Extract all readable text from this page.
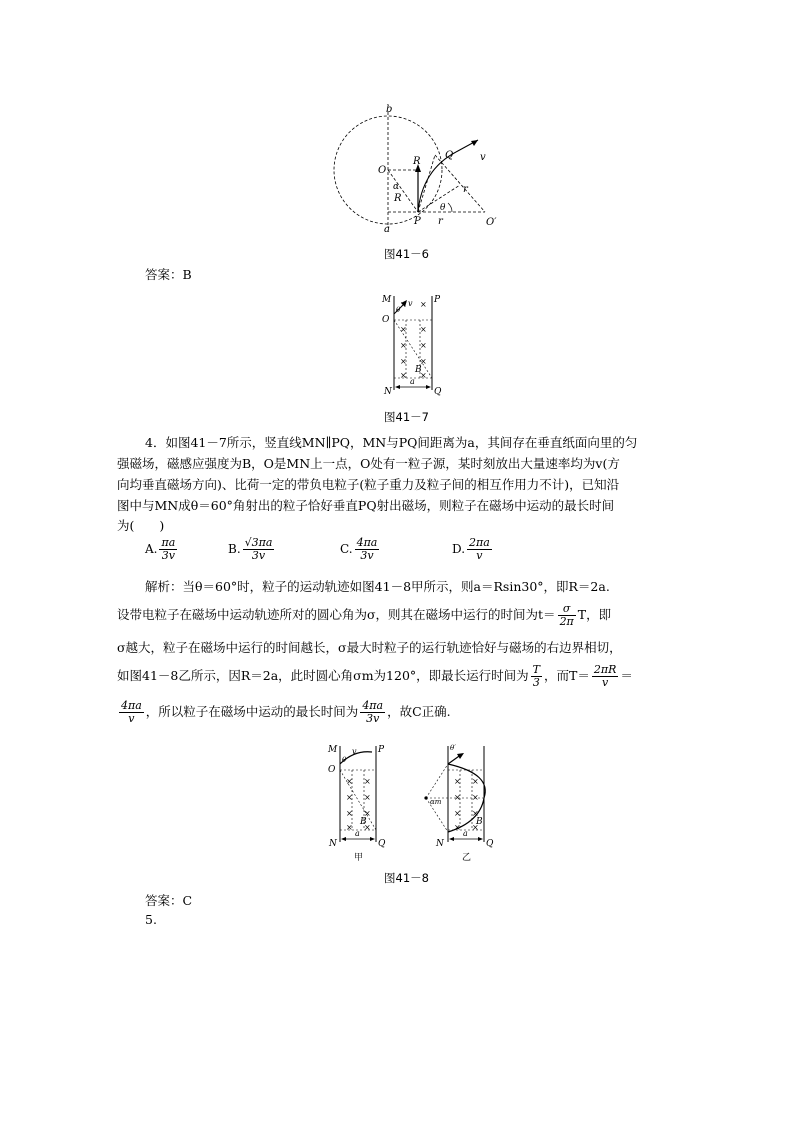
b
O
R
Q	v
α
R
P
θ
r
r
a
O′
图41－6
答案：B
× ×
× ×
× ×
× ×
× ×
M	P
O
θ
v
B
N
a
Q
图41－7
4．如图41－7所示，竖直线MN∥PQ，MN与PQ间距离为a，其间存在垂直纸面向里的匀
强磁场，磁感应强度为B，O是MN上一点，O处有一粒子源，某时刻放出大量速率均为v(方
向均垂直磁场方向)、比荷一定的带负电粒子(粒子重力及粒子间的相互作用力不计)，已知沿
图中与MN成θ＝60°角射出的粒子恰好垂直PQ射出磁场，则粒子在磁场中运动的最长时间
为(　　)
A. $\frac{\pi a}{3v}$	B. $\frac{√3\pi a}{3v}$	C. $\frac{4\pi a}{3v}$	D. $\frac{2\pi a}{v}$
解析：当θ＝60°时，粒子的运动轨迹如图41－8甲所示，则a＝Rsin30°，即R＝2a.
设带电粒子在磁场中运动轨迹所对的圆心角为σ，则其在磁场中运行的时间为$t= \frac{\sigma}{2\pi}$ T，即
σ越大，粒子在磁场中运行的时间越长，σ最大时粒子的运行轨迹恰好与磁场的右边界相切，
如图41－8乙所示，因R＝2a，此时圆心角σm为120°，即最长运行时间为 $\frac{T}{3}$ ，而$T= \frac{2\pi R}{v}$ ＝
$\frac{4\pi a}{v}$ ，所以粒子在磁场中运动的最长时间为 $\frac{4\pi a}{3v}$ ，故C正确.
× ×
× ×
× ×
× ×
M	P
O
θ
v
B
N
a
Q
甲
× ×
× ×
× ×
× ×
θ′
αm
B
N
a
Q
乙
图41－8
答案：C
5.
